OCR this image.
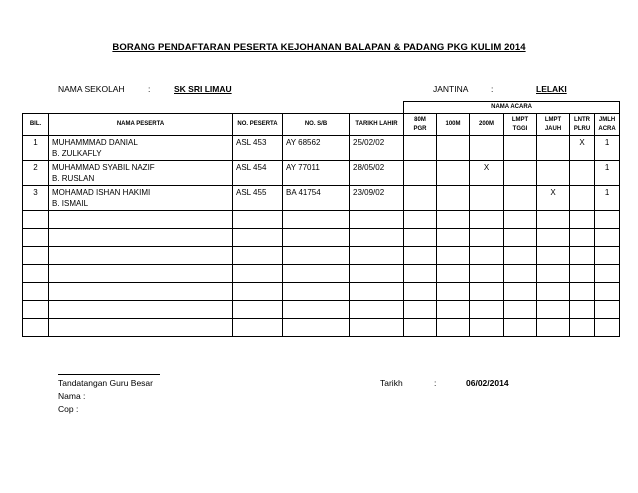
BORANG PENDAFTARAN PESERTA KEJOHANAN BALAPAN & PADANG PKG KULIM 2014
NAMA SEKOLAH	:	SK SRI LIMAU	JANTINA	:	LELAKI
					NAMA ACARA						
BIL.	NAMA PESERTA	NO. PESERTA	NO. S/B	TARIKH LAHIR	80M PGR	100M	200M	LMPT TGGI	LMPT JAUH	LNTR PLRU	JMLH ACRA
1	MUHAMMMAD DANIAL
B. ZULKAFLY	ASL 453	AY 68562	25/02/02						X	1
2	MUHAMMAD SYABIL NAZIF
B. RUSLAN	ASL 454	AY 77011	28/05/02			X				1
3	MOHAMAD ISHAN HAKIMI
B. ISMAIL	ASL 455	BA 41754	23/09/02					X		1

Tandatangan Guru Besar
Nama :
Cop :
Tarikh	:	06/02/2014
